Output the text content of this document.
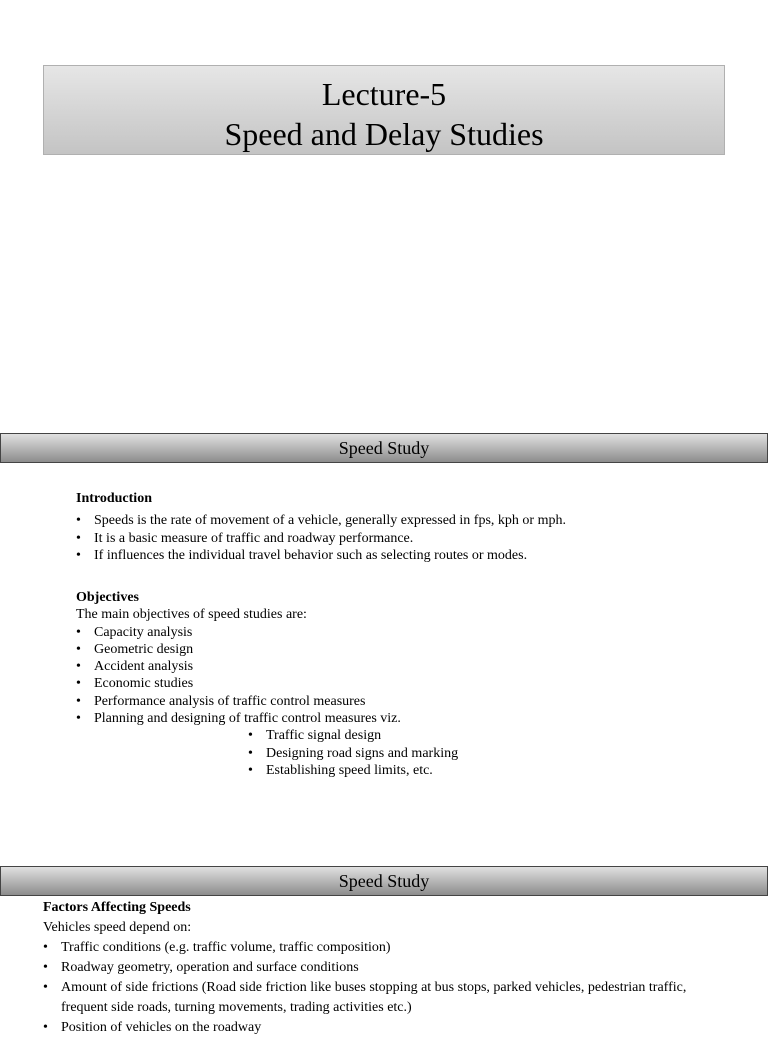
Lecture-5
Speed and Delay Studies
Speed Study
Introduction
• Speeds is the rate of movement of a vehicle, generally expressed in fps, kph or mph.
• It is a basic measure of traffic and roadway performance.
• If influences the individual travel behavior such as selecting routes or modes.
Objectives
The main objectives of speed studies are:
• Capacity analysis
• Geometric design
• Accident analysis
• Economic studies
• Performance analysis of traffic control measures
• Planning and designing of traffic control measures viz.
• Traffic signal design
• Designing road signs and marking
• Establishing speed limits, etc.
Speed Study
Factors Affecting Speeds
Vehicles speed depend on:
• Traffic conditions (e.g. traffic volume, traffic composition)
• Roadway geometry, operation and surface conditions
• Amount of side frictions (Road side friction like buses stopping at bus stops, parked vehicles, pedestrian traffic, frequent side roads, turning movements, trading activities etc.)
• Position of vehicles on the roadway
